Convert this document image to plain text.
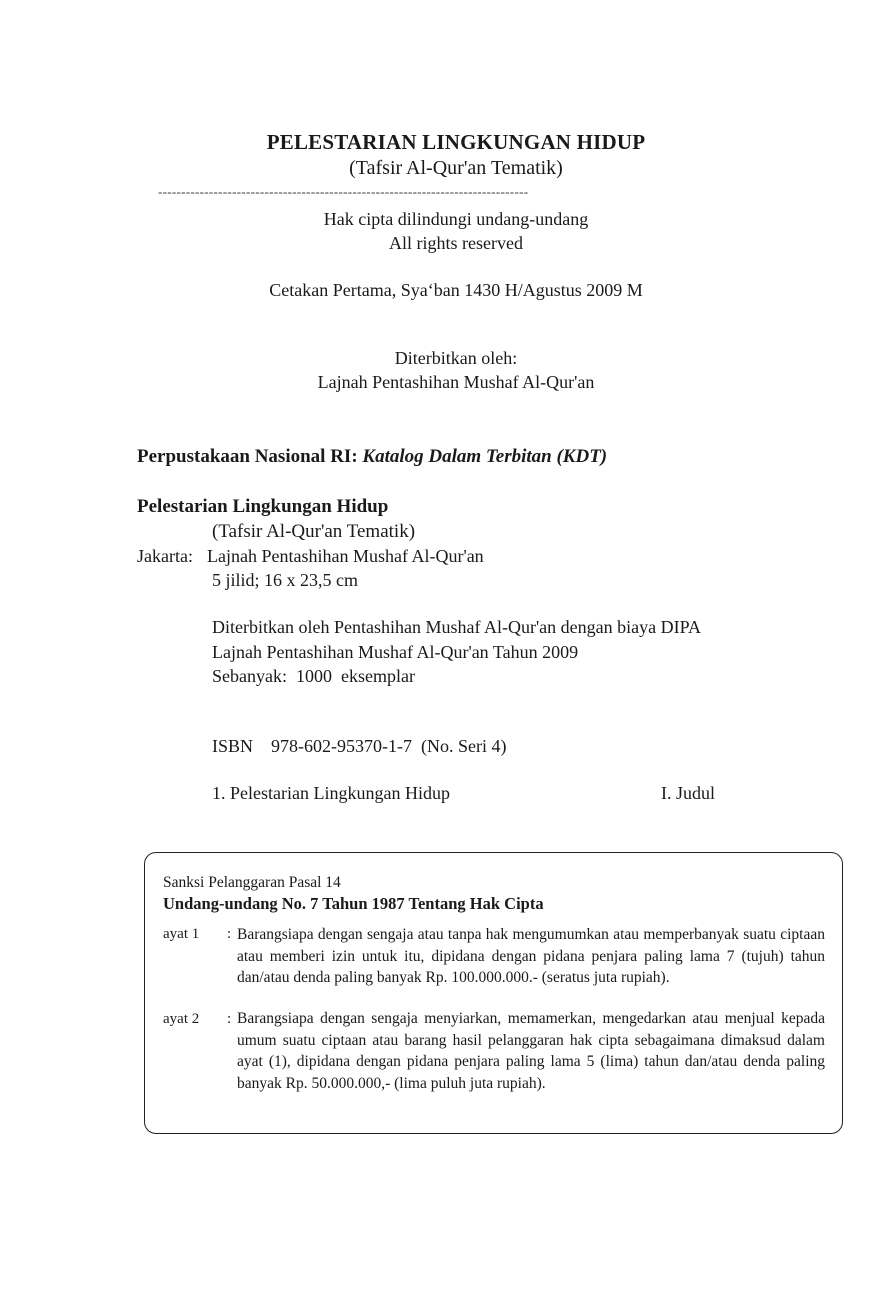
PELESTARIAN LINGKUNGAN HIDUP
(Tafsir Al-Qur'an Tematik)
--------------------------------------------------------------------------------
Hak cipta dilindungi undang-undang
All rights reserved
Cetakan Pertama, Sya‘ban 1430 H/Agustus 2009 M
Diterbitkan oleh:
Lajnah Pentashihan Mushaf Al-Qur'an
Perpustakaan Nasional RI: Katalog Dalam Terbitan (KDT)
Pelestarian Lingkungan Hidup
(Tafsir Al-Qur'an Tematik)
Jakarta: Lajnah Pentashihan Mushaf Al-Qur'an
5 jilid; 16 x 23,5 cm
Diterbitkan oleh Pentashihan Mushaf Al-Qur'an dengan biaya DIPA
Lajnah Pentashihan Mushaf Al-Qur'an Tahun 2009
Sebanyak:  1000  eksemplar
ISBN    978-602-95370-1-7  (No. Seri 4)
1. Pelestarian Lingkungan Hidup	I. Judul
Sanksi Pelanggaran Pasal 14
Undang-undang No. 7 Tahun 1987 Tentang Hak Cipta
ayat 1 : Barangsiapa dengan sengaja atau tanpa hak mengumumkan atau memperbanyak suatu ciptaan atau memberi izin untuk itu, dipidana dengan pidana penjara paling lama 7 (tujuh) tahun dan/atau denda paling banyak Rp. 100.000.000.- (seratus juta rupiah).
ayat 2 : Barangsiapa dengan sengaja menyiarkan, memamerkan, mengedarkan atau menjual kepada umum suatu ciptaan atau barang hasil pelanggaran hak cipta sebagaimana dimaksud dalam ayat (1), dipidana dengan pidana penjara paling lama 5 (lima) tahun dan/atau denda paling banyak Rp. 50.000.000,- (lima puluh juta rupiah).
